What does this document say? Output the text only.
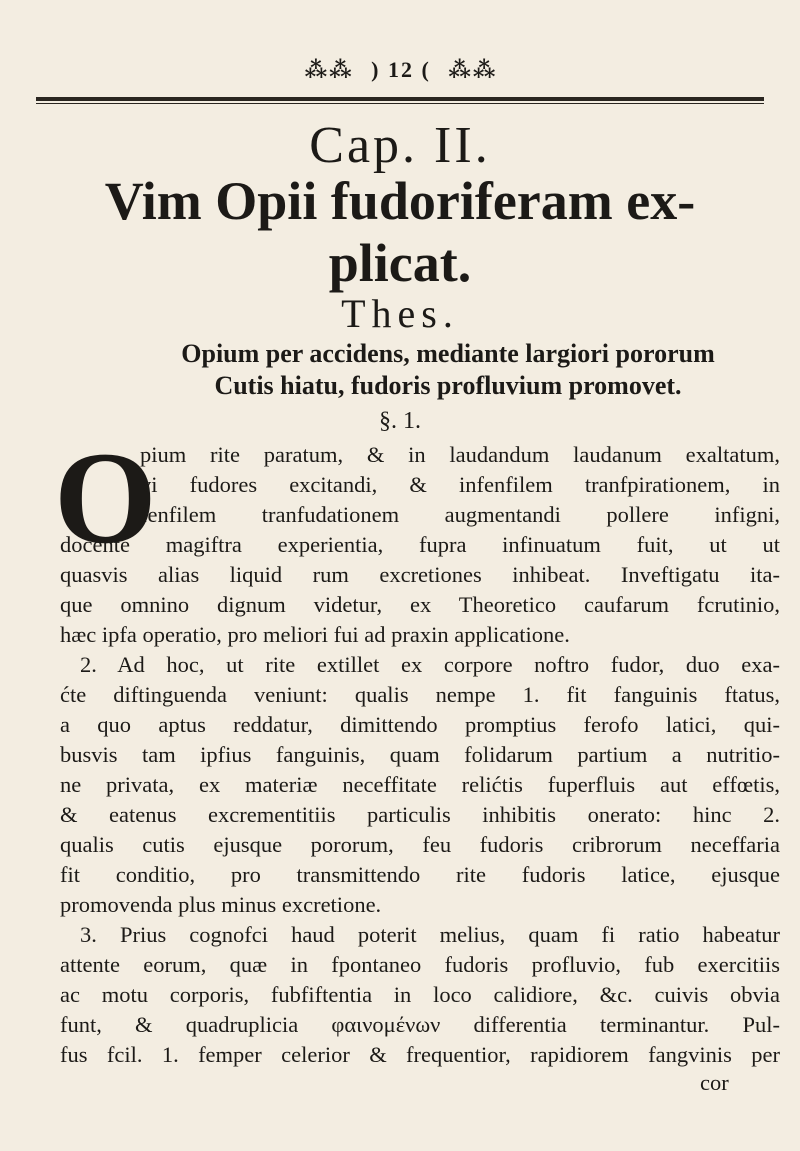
⁂⁂ ) 12 ( ⁂⁂
Cap. II.
Vim Opii fudoriferam ex-
plicat.
Thes.
Opium per accidens, mediante largiori pororum
Cutis hiatu, fudoris profluvium promovet.
§. 1.
O
pium rite paratum, & in laudandum laudanum exaltatum,
vi fudores excitandi, & infenfilem tranfpirationem, in
fenfilem tranfudationem augmentandi pollere infigni,
docente magiftra experientia, fupra infinuatum fuit, ut ut
quasvis alias liquid rum excretiones inhibeat. Inveftigatu ita-
que omnino dignum videtur, ex Theoretico caufarum fcrutinio,
hæc ipfa operatio, pro meliori fui ad praxin applicatione.
2. Ad hoc, ut rite extillet ex corpore noftro fudor, duo exa-
ćte diftinguenda veniunt: qualis nempe 1. fit fanguinis ftatus,
a quo aptus reddatur, dimittendo promptius ferofo latici, qui-
busvis tam ipfius fanguinis, quam folidarum partium a nutritio-
ne privata, ex materiæ neceffitate relićtis fuperfluis aut effœtis,
& eatenus excrementitiis particulis inhibitis onerato: hinc 2.
qualis cutis ejusque pororum, feu fudoris cribrorum neceffaria
fit conditio, pro transmittendo rite fudoris latice, ejusque
promovenda plus minus excretione.
3. Prius cognofci haud poterit melius, quam fi ratio habeatur
attente eorum, quæ in fpontaneo fudoris profluvio, fub exercitiis
ac motu corporis, fubfiftentia in loco calidiore, &c. cuivis obvia
funt, & quadruplicia φαινομένων differentia terminantur. Pul-
fus fcil. 1. femper celerior & frequentior, rapidiorem fangvinis per
cor
